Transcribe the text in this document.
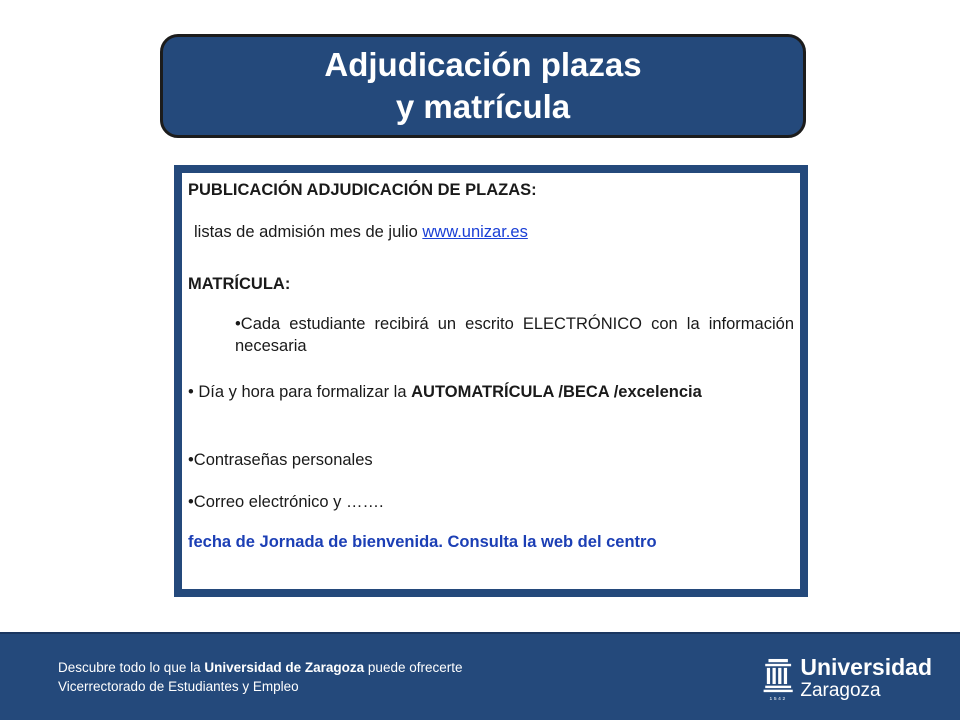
Adjudicación plazas
y matrícula
PUBLICACIÓN ADJUDICACIÓN DE PLAZAS:
listas de admisión mes de julio www.unizar.es
MATRÍCULA:
•Cada estudiante recibirá un escrito ELECTRÓNICO con la información necesaria
• Día y hora para formalizar la AUTOMATRÍCULA /BECA /excelencia
•Contraseñas personales
•Correo electrónico y …….
fecha de Jornada de bienvenida. Consulta la web del centro
Descubre todo lo que la Universidad de Zaragoza puede ofrecerte
Vicerrectorado de Estudiantes y Empleo
1542
Universidad
Zaragoza
